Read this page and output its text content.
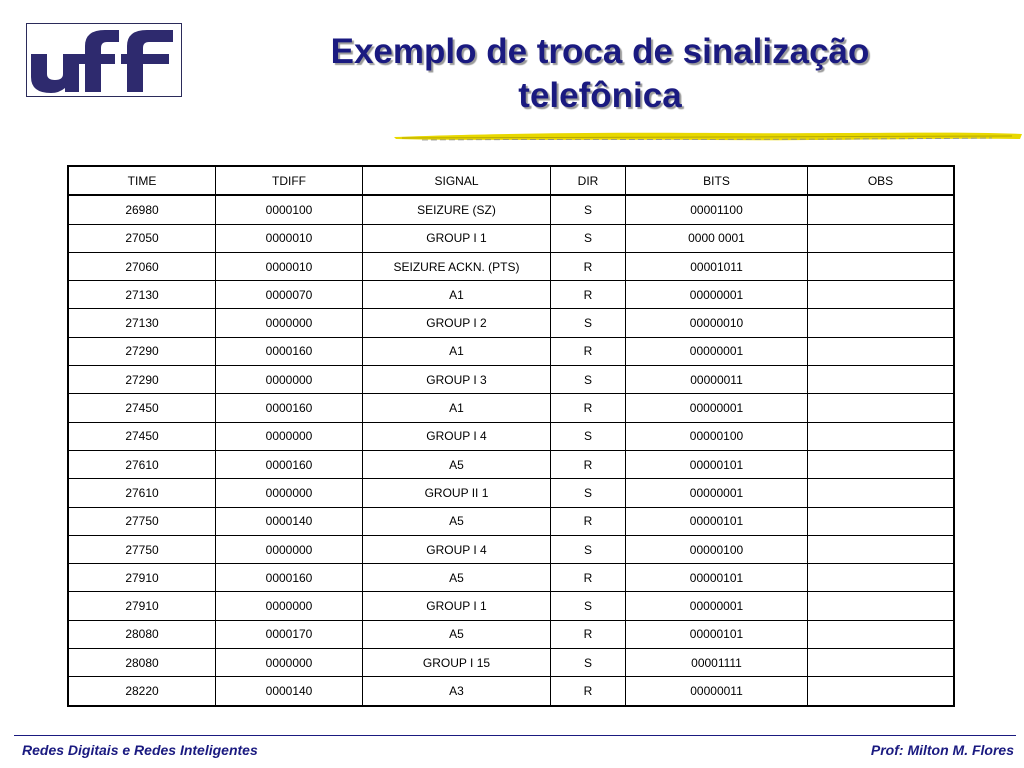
Exemplo de troca de sinalização
telefônica
TIME	TDIFF	SIGNAL	DIR	BITS	OBS
26980	0000100	SEIZURE (SZ)	S	00001100	
27050	0000010	GROUP I 1	S	0000 0001	
27060	0000010	SEIZURE ACKN. (PTS)	R	00001011	
27130	0000070	A1	R	00000001	
27130	0000000	GROUP I 2	S	00000010	
27290	0000160	A1	R	00000001	
27290	0000000	GROUP I 3	S	00000011	
27450	0000160	A1	R	00000001	
27450	0000000	GROUP I 4	S	00000100	
27610	0000160	A5	R	00000101	
27610	0000000	GROUP II 1	S	00000001	
27750	0000140	A5	R	00000101	
27750	0000000	GROUP I 4	S	00000100	
27910	0000160	A5	R	00000101	
27910	0000000	GROUP I 1	S	00000001	
28080	0000170	A5	R	00000101	
28080	0000000	GROUP I 15	S	00001111	
28220	0000140	A3	R	00000011	
Redes Digitais e Redes Inteligentes	Prof: Milton M. Flores
